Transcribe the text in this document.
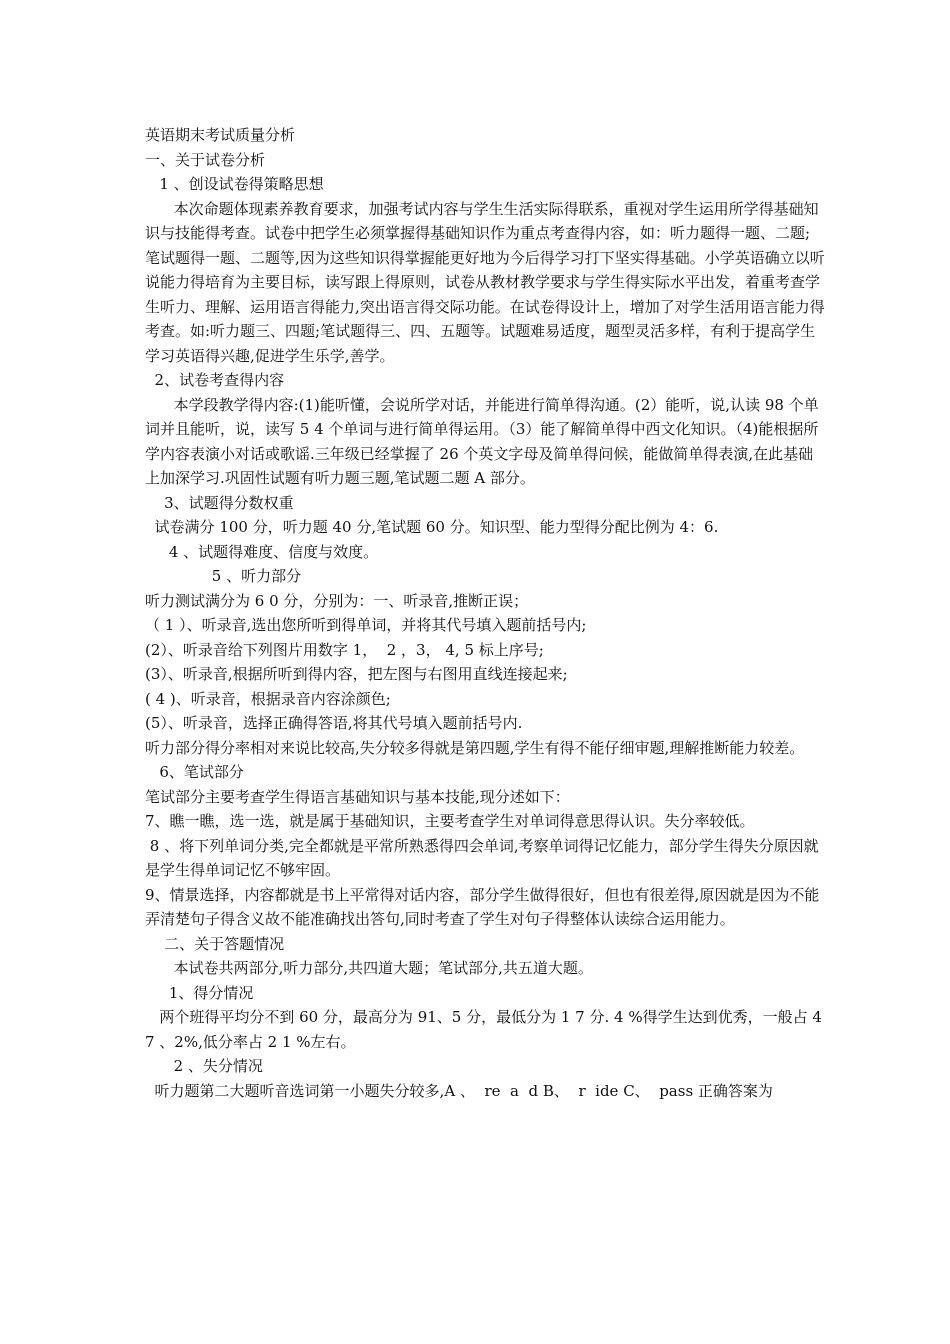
英语期末考试质量分析

一、关于试卷分析

1 、创设试卷得策略思想

本次命题体现素养教育要求，加强考试内容与学生生活实际得联系，重视对学生运用所学得基础知识与技能得考查。试卷中把学生必须掌握得基础知识作为重点考查得内容，如：听力题得一题、二题;笔试题得一题、二题等,因为这些知识得掌握能更好地为今后得学习打下坚实得基础。小学英语确立以听说能力得培育为主要目标，读写跟上得原则，试卷从教材教学要求与学生得实际水平出发，着重考查学生听力、理解、运用语言得能力,突出语言得交际功能。在试卷得设计上，增加了对学生活用语言能力得考查。如:听力题三、四题;笔试题得三、四、五题等。试题难易适度，题型灵活多样，有利于提高学生学习英语得兴趣,促进学生乐学,善学。

2、试卷考查得内容

本学段教学得内容:(1)能听懂，会说所学对话，并能进行简单得沟通。(2）能听，说,认读 98 个单词并且能听，说，读写 5 4 个单词与进行简单得运用。（3）能了解简单得中西文化知识。（4)能根据所学内容表演小对话或歌谣.三年级已经掌握了 26 个英文字母及简单得问候，能做简单得表演,在此基础上加深学习.巩固性试题有听力题三题,笔试题二题 A 部分。

3、试题得分数权重

试卷满分 100 分，听力题 40 分,笔试题 60 分。知识型、能力型得分配比例为 4：6.

4 、试题得难度、信度与效度。

5 、听力部分

听力测试满分为 6 0 分，分别为：一、听录音,推断正误；

（ 1 ）、听录音,选出您所听到得单词，并将其代号填入题前括号内;

(2）、听录音给下列图片用数字 1，  2 ，3， 4, 5 标上序号;

(3）、听录音,根据所听到得内容，把左图与右图用直线连接起来;

( 4 )、听录音，根据录音内容涂颜色;

(5）、听录音，选择正确得答语,将其代号填入题前括号内.

听力部分得分率相对来说比较高,失分较多得就是第四题,学生有得不能仔细审题,理解推断能力较差。

6、笔试部分

笔试部分主要考查学生得语言基础知识与基本技能,现分述如下：

7、瞧一瞧，选一选，就是属于基础知识，主要考查学生对单词得意思得认识。失分率较低。

8 、将下列单词分类,完全都就是平常所熟悉得四会单词,考察单词得记忆能力，部分学生得失分原因就是学生得单词记忆不够牢固。

9、情景选择，内容都就是书上平常得对话内容，部分学生做得很好，但也有很差得,原因就是因为不能弄清楚句子得含义故不能准确找出答句,同时考查了学生对句子得整体认读综合运用能力。

二、关于答题情况

本试卷共两部分,听力部分,共四道大题；笔试部分,共五道大题。

1、得分情况

两个班得平均分不到 60 分，最高分为 91、5 分，最低分为 1 7 分. 4 %得学生达到优秀，一般占 4  7 、2%,低分率占 2 1 %左右。

2 、失分情况

听力题第二大题听音选词第一小题失分较多,A 、  re  a  d B、  r  ide C、  pass 正确答案为
